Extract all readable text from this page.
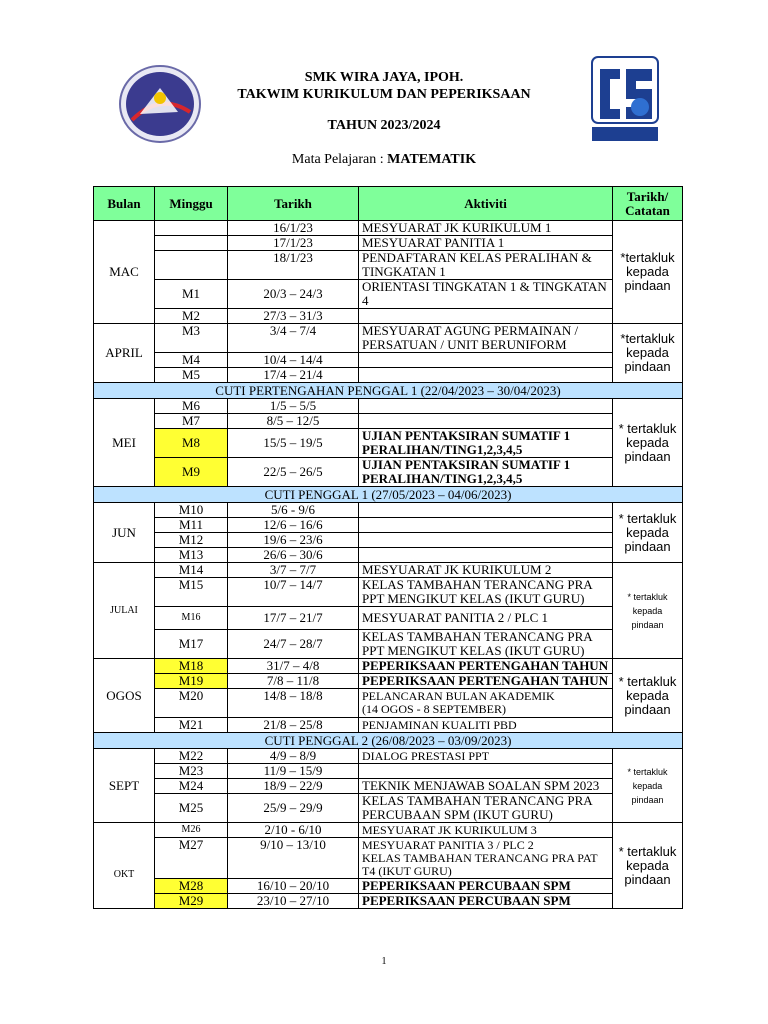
SMK WIRA JAYA, IPOH.
TAKWIM KURIKULUM DAN PEPERIKSAAN
TAHUN 2023/2024
Mata Pelajaran : MATEMATIK
Bulan	Minggu	Tarikh	Aktiviti	Tarikh/ Catatan
MAC		16/1/23	MESYUARAT JK KURIKULUM 1	*tertakluk kepada pindaan
		17/1/23	MESYUARAT PANITIA 1	
		18/1/23	PENDAFTARAN KELAS PERALIHAN & TINGKATAN 1	
	M1	20/3 – 24/3	ORIENTASI TINGKATAN 1 & TINGKATAN 4	
	M2	27/3 – 31/3		
APRIL	M3	3/4 – 7/4	MESYUARAT AGUNG PERMAINAN / PERSATUAN / UNIT BERUNIFORM	*tertakluk kepada pindaan
	M4	10/4 – 14/4		
	M5	17/4 – 21/4		
CUTI PERTENGAHAN PENGGAL 1 (22/04/2023 – 30/04/2023)				
MEI	M6	1/5 – 5/5		* tertakluk kepada pindaan
	M7	8/5 – 12/5		
	M8	15/5 – 19/5	UJIAN PENTAKSIRAN SUMATIF 1 PERALIHAN/TING1,2,3,4,5	
	M9	22/5 – 26/5	UJIAN PENTAKSIRAN SUMATIF 1 PERALIHAN/TING1,2,3,4,5	
CUTI PENGGAL 1 (27/05/2023 – 04/06/2023)				
JUN	M10	5/6 - 9/6		* tertakluk kepada pindaan
	M11	12/6 – 16/6		
	M12	19/6 – 23/6		
	M13	26/6 – 30/6		
JULAI	M14	3/7 – 7/7	MESYUARAT JK KURIKULUM 2	* tertakluk kepada pindaan
	M15	10/7 – 14/7	KELAS TAMBAHAN TERANCANG PRA PPT MENGIKUT KELAS (IKUT GURU)	
	M16	17/7 – 21/7	MESYUARAT PANITIA 2 / PLC 1	
	M17	24/7 – 28/7	KELAS TAMBAHAN TERANCANG PRA PPT MENGIKUT KELAS (IKUT GURU)	
OGOS	M18	31/7 – 4/8	PEPERIKSAAN PERTENGAHAN TAHUN	* tertakluk kepada pindaan
	M19	7/8 – 11/8	PEPERIKSAAN PERTENGAHAN TAHUN	
	M20	14/8 – 18/8	PELANCARAN BULAN AKADEMIK
(14 OGOS - 8 SEPTEMBER)	

	M21	21/8 – 25/8	PENJAMINAN KUALITI PBD	
CUTI PENGGAL 2 (26/08/2023 – 03/09/2023)				
SEPT	M22	4/9 – 8/9	DIALOG PRESTASI PPT	* tertakluk kepada pindaan
	M23	11/9 – 15/9		
	M24	18/9 – 22/9	TEKNIK MENJAWAB SOALAN SPM 2023	
	M25	25/9 – 29/9	KELAS TAMBAHAN TERANCANG PRA PERCUBAAN SPM (IKUT GURU)	
OKT	M26	2/10 - 6/10	MESYUARAT JK KURIKULUM 3	* tertakluk kepada pindaan
	M27	9/10 – 13/10	MESYUARAT PANITIA 3 / PLC 2
KELAS TAMBAHAN TERANCANG PRA PAT T4 (IKUT GURU)	

	M28	16/10 – 20/10	PEPERIKSAAN PERCUBAAN SPM	
	M29	23/10 – 27/10	PEPERIKSAAN PERCUBAAN SPM	
1
